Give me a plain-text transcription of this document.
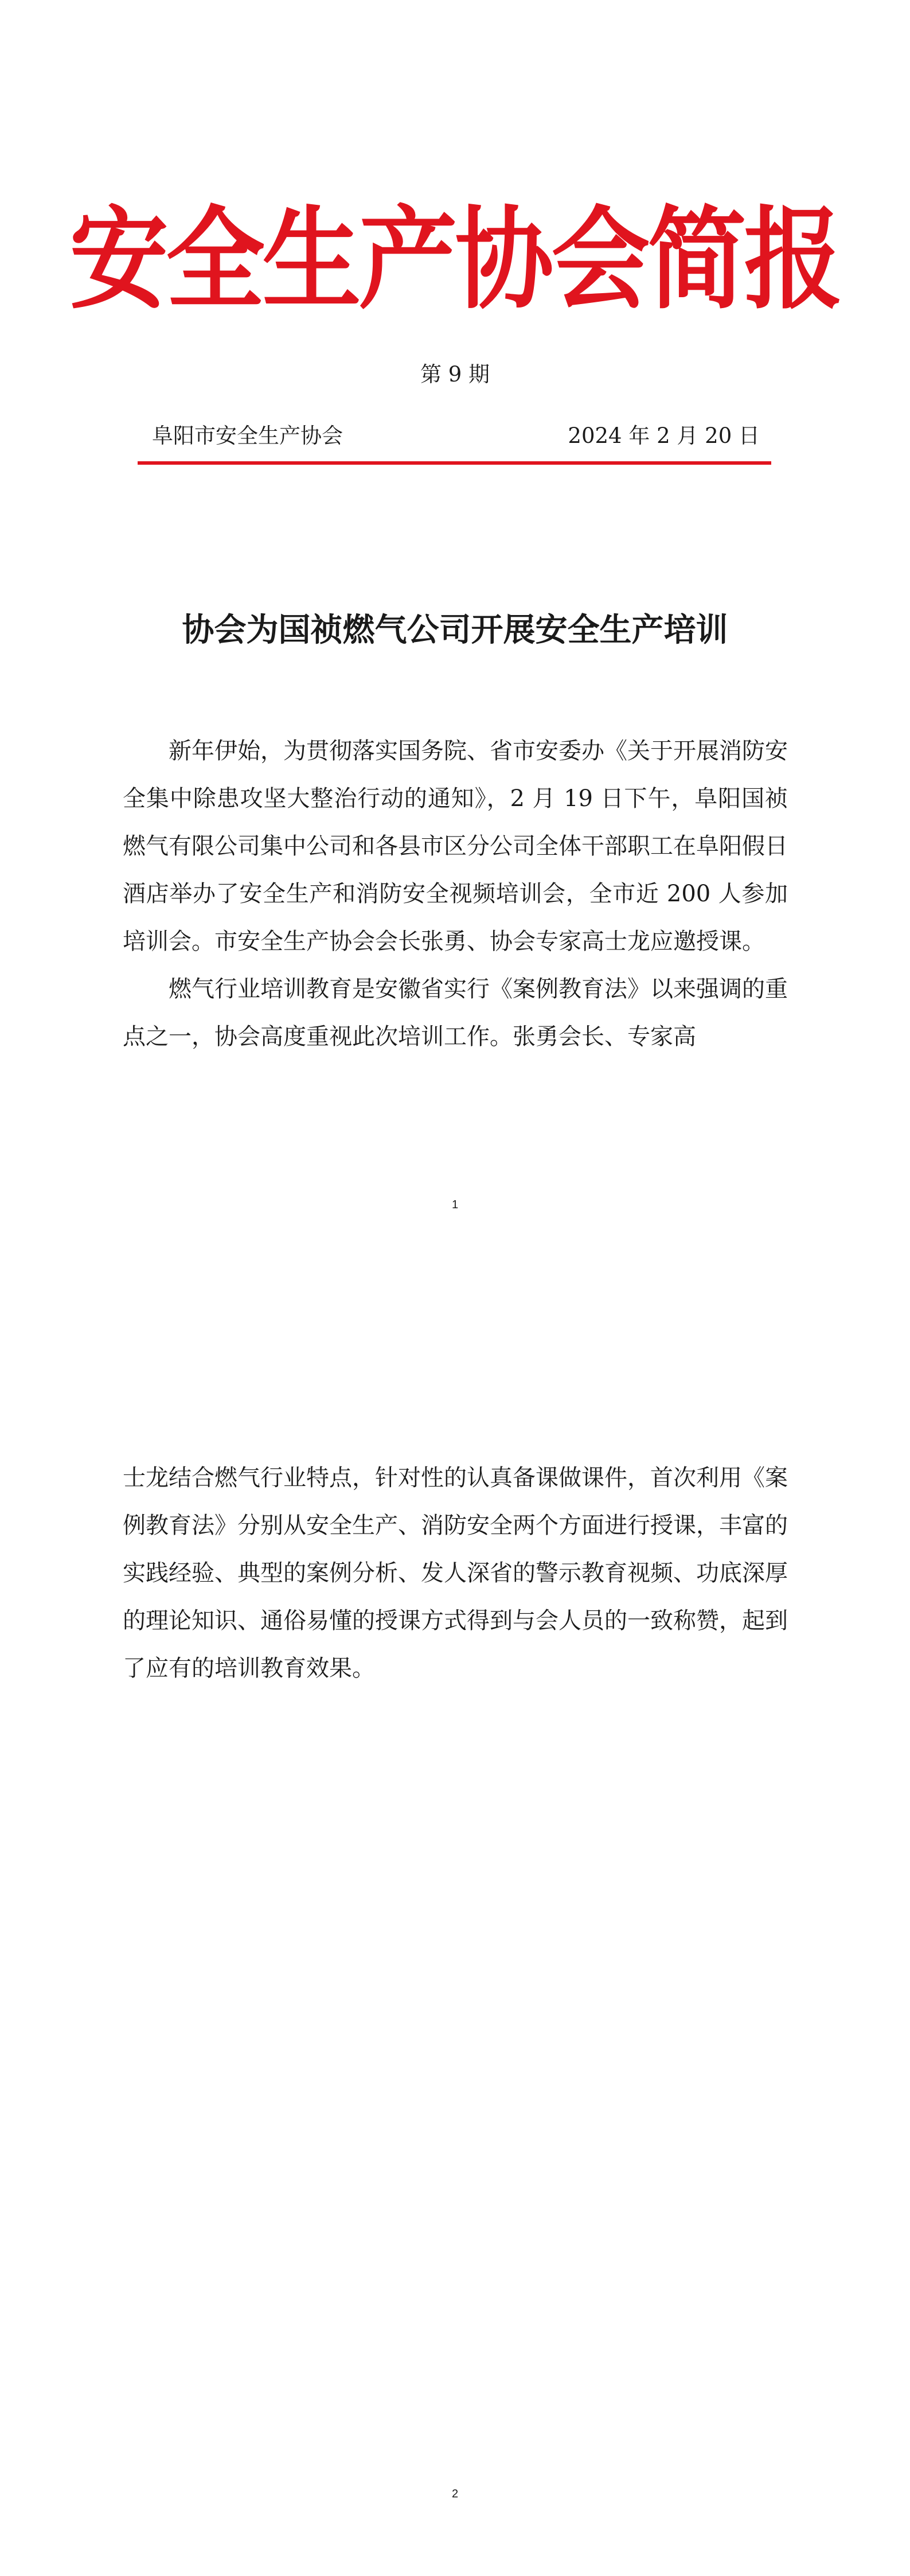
安全生产协会简报
第 9 期
阜阳市安全生产协会	2024 年 2 月 20 日
协会为国祯燃气公司开展安全生产培训

新年伊始，为贯彻落实国务院、省市安委办《关于开展消防安全集中除患攻坚大整治行动的通知》，2 月 19 日下午，阜阳国祯燃气有限公司集中公司和各县市区分公司全体干部职工在阜阳假日酒店举办了安全生产和消防安全视频培训会，全市近 200 人参加培训会。市安全生产协会会长张勇、协会专家高士龙应邀授课。

燃气行业培训教育是安徽省实行《案例教育法》以来强调的重点之一，协会高度重视此次培训工作。张勇会长、专家高

1

士龙结合燃气行业特点，针对性的认真备课做课件，首次利用《案例教育法》分别从安全生产、消防安全两个方面进行授课，丰富的实践经验、典型的案例分析、发人深省的警示教育视频、功底深厚的理论知识、通俗易懂的授课方式得到与会人员的一致称赞，起到了应有的培训教育效果。

2
